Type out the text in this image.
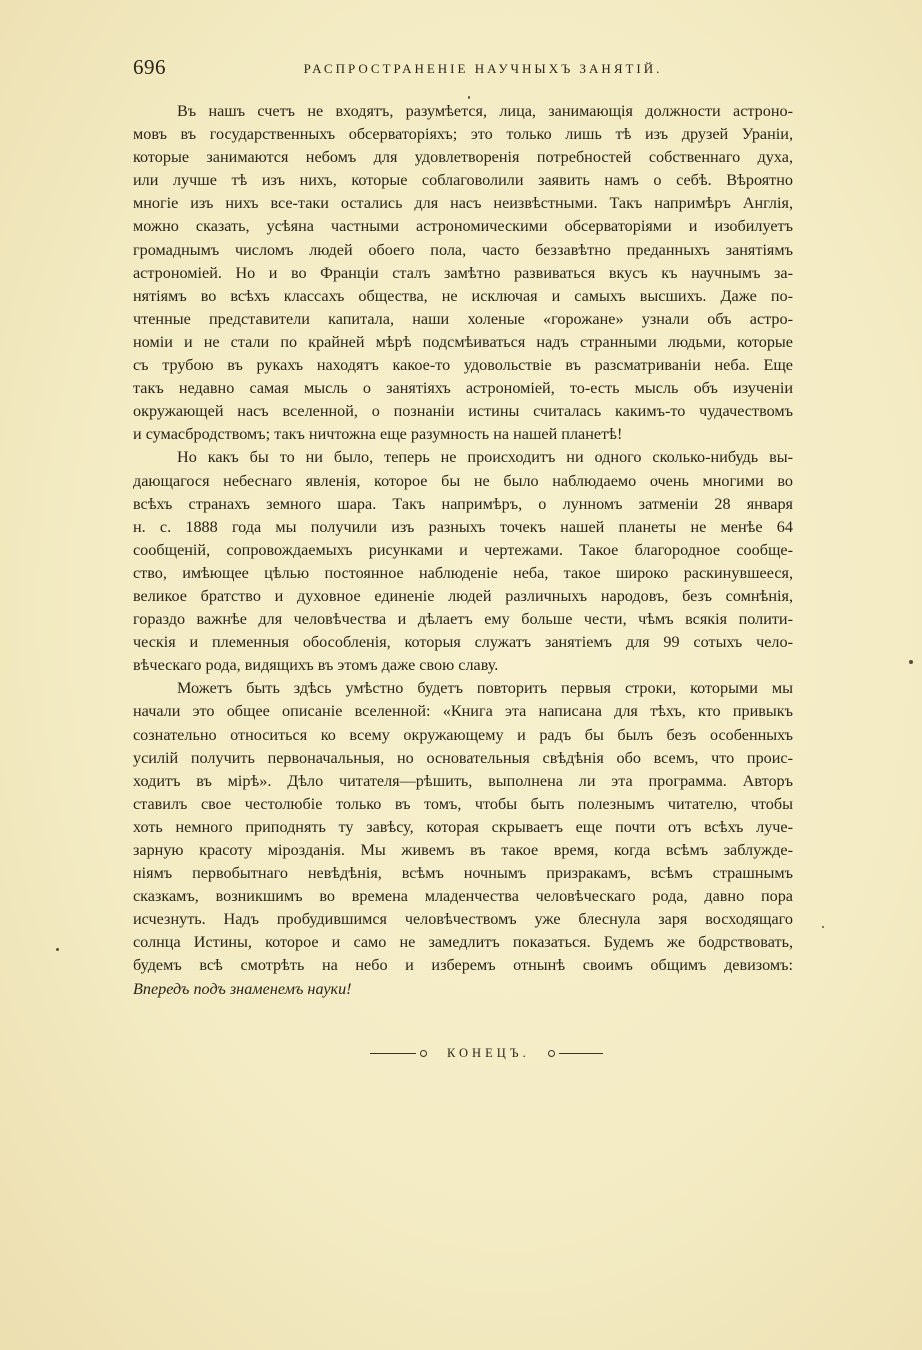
696	РАСПРОСТРАНЕНІЕ НАУЧНЫХЪ ЗАНЯТІЙ.
Въ нашъ счетъ не входятъ, разумѣется, лица, занимающія должности астроно-
мовъ въ государственныхъ обсерваторіяхъ; это только лишь тѣ изъ друзей Ураніи,
которые занимаются небомъ для удовлетворенія потребностей собственнаго духа,
или лучше тѣ изъ нихъ, которые соблаговолили заявить намъ о себѣ. Вѣроятно
многіе изъ нихъ все-таки остались для насъ неизвѣстными. Такъ напримѣръ Англія,
можно сказать, усѣяна частными астрономическими обсерваторіями и изобилуетъ
громаднымъ числомъ людей обоего пола, часто беззавѣтно преданныхъ занятіямъ
астрономіей. Но и во Франціи сталъ замѣтно развиваться вкусъ къ научнымъ за-
нятіямъ во всѣхъ классахъ общества, не исключая и самыхъ высшихъ. Даже по-
чтенные представители капитала, наши холеные «горожане» узнали объ астро-
номіи и не стали по крайней мѣрѣ подсмѣиваться надъ странными людьми, которые
съ трубою въ рукахъ находятъ какое-то удовольствіе въ разсматриваніи неба. Еще
такъ недавно самая мысль о занятіяхъ астрономіей, то-есть мысль объ изученіи
окружающей насъ вселенной, о познаніи истины считалась какимъ-то чудачествомъ
и сумасбродствомъ; такъ ничтожна еще разумность на нашей планетѣ!
Но какъ бы то ни было, теперь не происходитъ ни одного сколько-нибудь вы-
дающагося небеснаго явленія, которое бы не было наблюдаемо очень многими во
всѣхъ странахъ земного шара. Такъ напримѣръ, о лунномъ затменіи 28 января
н. с. 1888 года мы получили изъ разныхъ точекъ нашей планеты не менѣе 64
сообщеній, сопровождаемыхъ рисунками и чертежами. Такое благородное сообще-
ство, имѣющее цѣлью постоянное наблюденіе неба, такое широко раскинувшееся,
великое братство и духовное единеніе людей различныхъ народовъ, безъ сомнѣнія,
гораздо важнѣе для человѣчества и дѣлаетъ ему больше чести, чѣмъ всякія полити-
ческія и племенныя обособленія, которыя служатъ занятіемъ для 99 сотыхъ чело-
вѣческаго рода, видящихъ въ этомъ даже свою славу.
Можетъ быть здѣсь умѣстно будетъ повторить первыя строки, которыми мы
начали это общее описаніе вселенной: «Книга эта написана для тѣхъ, кто привыкъ
сознательно относиться ко всему окружающему и радъ бы былъ безъ особенныхъ
усилій получить первоначальныя, но основательныя свѣдѣнія обо всемъ, что проис-
ходитъ въ мірѣ». Дѣло читателя—рѣшить, выполнена ли эта программа. Авторъ
ставилъ свое честолюбіе только въ томъ, чтобы быть полезнымъ читателю, чтобы
хоть немного приподнять ту завѣсу, которая скрываетъ еще почти отъ всѣхъ луче-
зарную красоту мірозданія. Мы живемъ въ такое время, когда всѣмъ заблужде-
ніямъ первобытнаго невѣдѣнія, всѣмъ ночнымъ призракамъ, всѣмъ страшнымъ
сказкамъ, возникшимъ во времена младенчества человѣческаго рода, давно пора
исчезнуть. Надъ пробудившимся человѣчествомъ уже блеснула заря восходящаго
солнца Истины, которое и само не замедлитъ показаться. Будемъ же бодрствовать,
будемъ всѣ смотрѣть на небо и изберемъ отнынѣ своимъ общимъ девизомъ:
Впередъ подъ знаменемъ науки!
КОНЕЦЪ.
